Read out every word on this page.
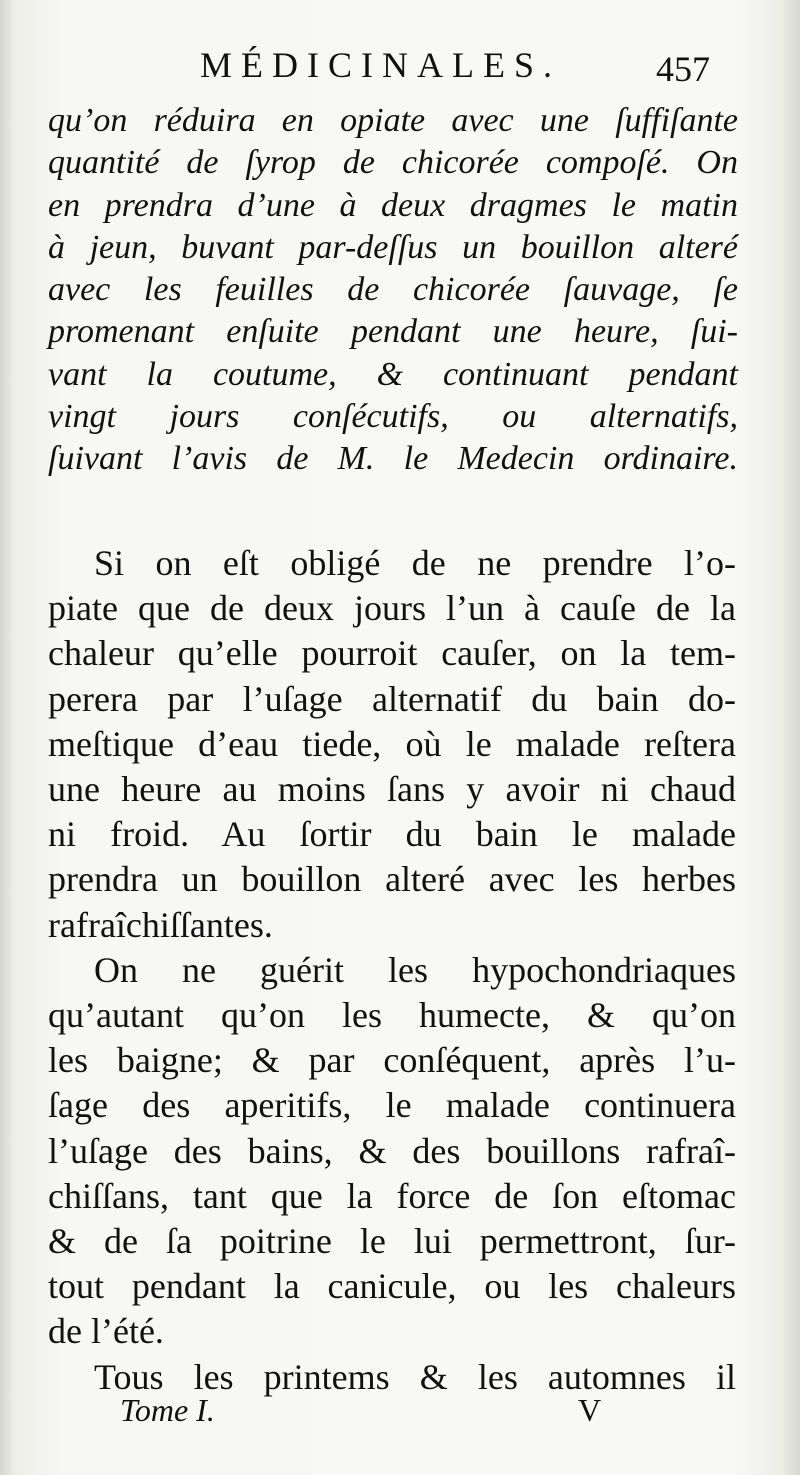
MÉDICINALES.	457
qu’on réduira en opiate avec une ſuffiſante
quantité de ſyrop de chicorée compoſé. On
en prendra d’une à deux dragmes le matin
à jeun, buvant par-deſſus un bouillon alteré
avec les feuilles de chicorée ſauvage, ſe
promenant enſuite pendant une heure, ſui-
vant la coutume, & continuant pendant
vingt jours conſécutifs, ou alternatifs,
ſuivant l’avis de M. le Medecin ordinaire.
Si on eſt obligé de ne prendre l’o-
piate que de deux jours l’un à cauſe de la
chaleur qu’elle pourroit cauſer, on la tem-
perera par l’uſage alternatif du bain do-
meſtique d’eau tiede, où le malade reſtera
une heure au moins ſans y avoir ni chaud
ni froid. Au ſortir du bain le malade
prendra un bouillon alteré avec les herbes
rafraîchiſſantes.
On ne guérit les hypochondriaques
qu’autant qu’on les humecte, & qu’on
les baigne; & par conſéquent, après l’u-
ſage des aperitifs, le malade continuera
l’uſage des bains, & des bouillons rafraî-
chiſſans, tant que la force de ſon eſtomac
& de ſa poitrine le lui permettront, ſur-
tout pendant la canicule, ou les chaleurs
de l’été.
Tous les printems & les automnes il
Tome I.	V
